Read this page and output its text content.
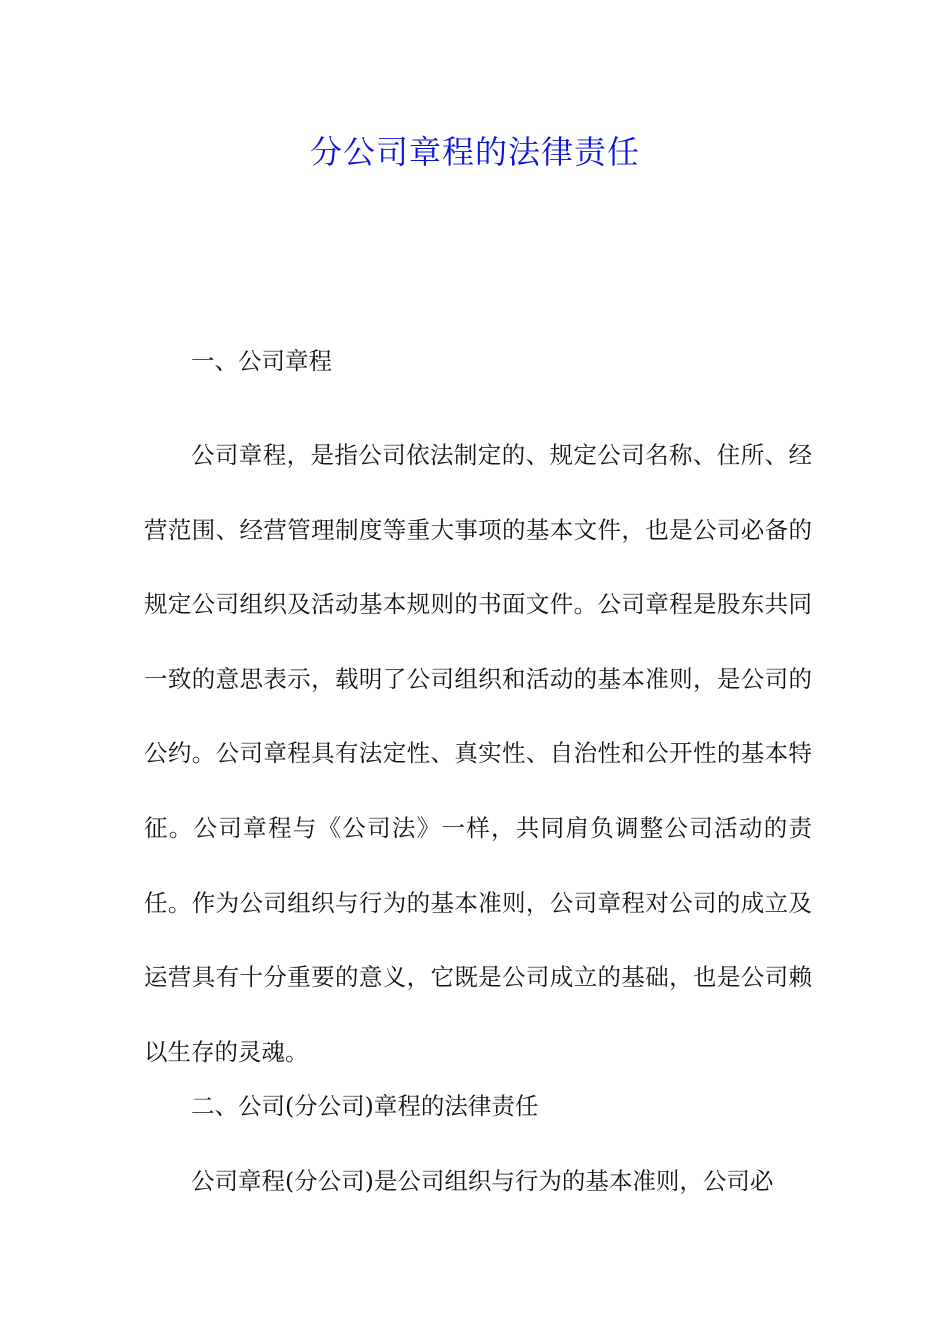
分公司章程的法律责任

一、公司章程

公司章程，是指公司依法制定的、规定公司名称、住所、经营范围、经营管理制度等重大事项的基本文件，也是公司必备的规定公司组织及活动基本规则的书面文件。公司章程是股东共同一致的意思表示，载明了公司组织和活动的基本准则，是公司的公约。公司章程具有法定性、真实性、自治性和公开性的基本特征。公司章程与《公司法》一样，共同肩负调整公司活动的责任。作为公司组织与行为的基本准则，公司章程对公司的成立及运营具有十分重要的意义，它既是公司成立的基础，也是公司赖以生存的灵魂。

二、公司(分公司)章程的法律责任

公司章程(分公司)是公司组织与行为的基本准则，公司必
